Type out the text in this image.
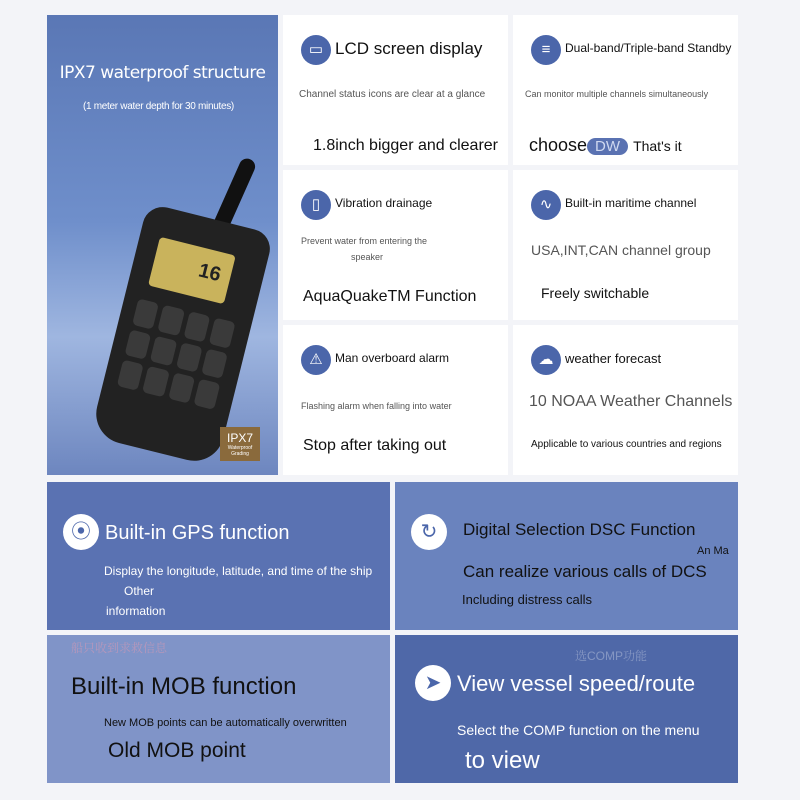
IPX7 waterproof structure
(1 meter water depth for 30 minutes)
16
IPX7
Waterproof Grading
▭ LCD screen display
Channel status icons are clear at a glance
1.8inch bigger and clearer
≡	Dual-band/Triple-band Standby
Can monitor multiple channels simultaneously
choose DW That's it
▯	Vibration drainage
Prevent water from entering the
speaker
AquaQuakeTM Function
∿	Built-in maritime channel
USA,INT,CAN channel group
Freely switchable
⚠	Man overboard alarm
Flashing alarm when falling into water
Stop after taking out
☁ weather forecast
10 NOAA Weather Channels
Applicable to various countries and regions
⦿ Built-in GPS function
Display the longitude, latitude, and time of the ship
Other
information
↻	Digital Selection DSC Function
An Ma
Can realize various calls of DCS
Including distress calls
船只收到求救信息
Built-in MOB function
New MOB points can be automatically overwritten
Old MOB point
选COMP功能
➤ View vessel speed/route
Select the COMP function on the menu
to view
